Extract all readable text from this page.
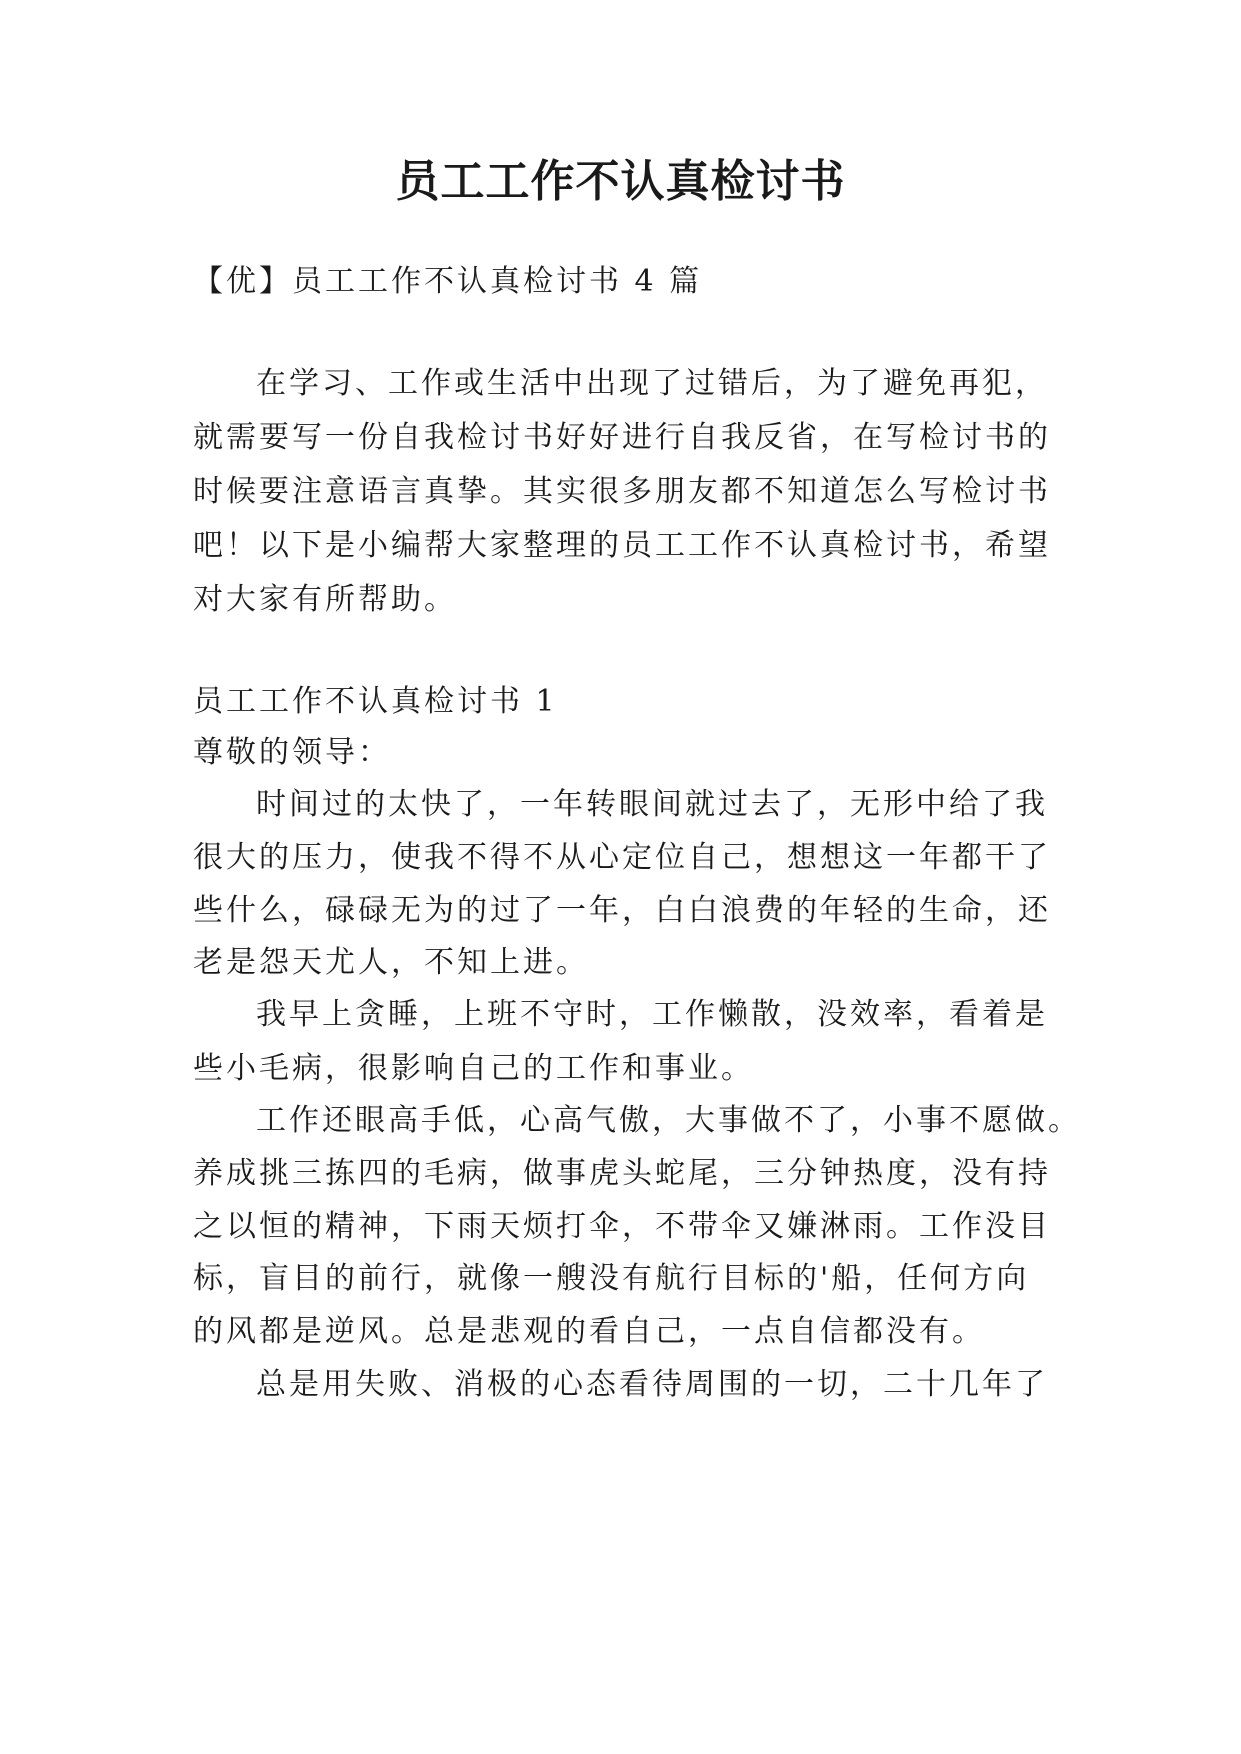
员工工作不认真检讨书

【优】员工工作不认真检讨书 4 篇

在学习、工作或生活中出现了过错后，为了避免再犯，

就需要写一份自我检讨书好好进行自我反省，在写检讨书的

时候要注意语言真挚。其实很多朋友都不知道怎么写检讨书

吧！以下是小编帮大家整理的员工工作不认真检讨书，希望

对大家有所帮助。

员工工作不认真检讨书 1

尊敬的领导：

时间过的太快了，一年转眼间就过去了，无形中给了我

很大的压力，使我不得不从心定位自己，想想这一年都干了

些什么，碌碌无为的过了一年，白白浪费的年轻的生命，还

老是怨天尤人，不知上进。

我早上贪睡，上班不守时，工作懒散，没效率，看着是

些小毛病，很影响自己的工作和事业。

工作还眼高手低，心高气傲，大事做不了，小事不愿做。

养成挑三拣四的毛病，做事虎头蛇尾，三分钟热度，没有持

之以恒的精神，下雨天烦打伞，不带伞又嫌淋雨。工作没目

标，盲目的前行，就像一艘没有航行目标的'船，任何方向

的风都是逆风。总是悲观的看自己，一点自信都没有。

总是用失败、消极的心态看待周围的一切，二十几年了
